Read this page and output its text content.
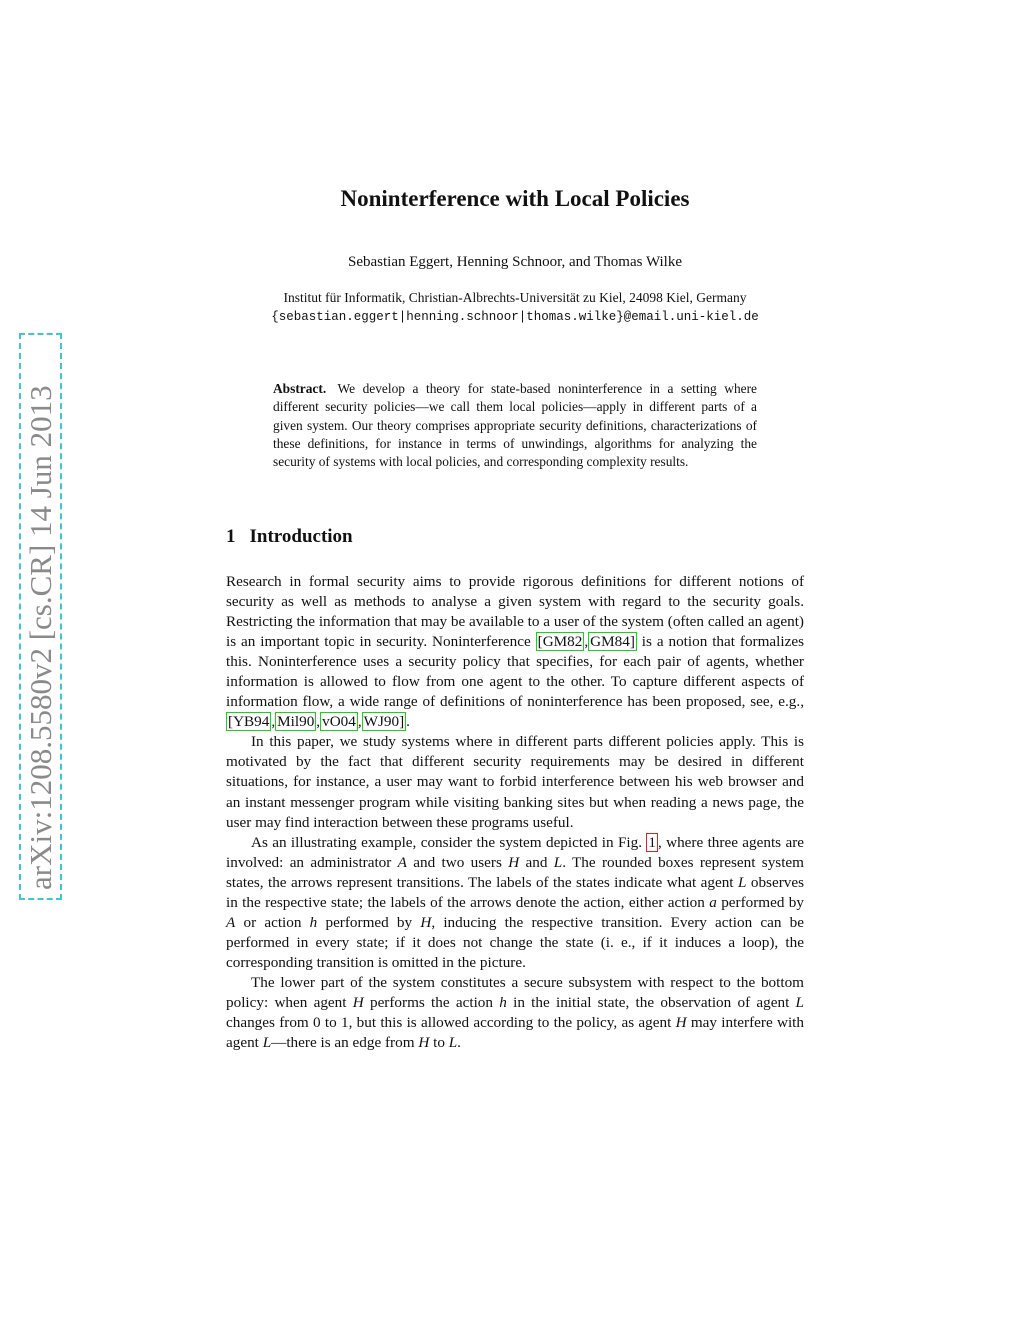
arXiv:1208.5580v2 [cs.CR] 14 Jun 2013
Noninterference with Local Policies
Sebastian Eggert, Henning Schnoor, and Thomas Wilke
Institut für Informatik, Christian-Albrechts-Universität zu Kiel, 24098 Kiel, Germany
{sebastian.eggert|henning.schnoor|thomas.wilke}@email.uni-kiel.de
Abstract. We develop a theory for state-based noninterference in a setting where different security policies—we call them local policies—apply in different parts of a given system. Our theory comprises appropriate security definitions, characterizations of these definitions, for instance in terms of unwindings, algorithms for analyzing the security of systems with local policies, and corresponding complexity results.
1 Introduction

Research in formal security aims to provide rigorous definitions for different notions of security as well as methods to analyse a given system with regard to the security goals. Restricting the information that may be available to a user of the system (often called an agent) is an important topic in security. Noninterference [GM82 , GM84] is a notion that formalizes this. Noninterference uses a security policy that specifies, for each pair of agents, whether information is allowed to flow from one agent to the other. To capture different aspects of information flow, a wide range of definitions of noninterference has been proposed, see, e.g., [YB94 , Mil90 , vO04 , WJ90] .

In this paper, we study systems where in different parts different policies apply. This is motivated by the fact that different security requirements may be desired in different situations, for instance, a user may want to forbid interference between his web browser and an instant messenger program while visiting banking sites but when reading a news page, the user may find interaction between these programs useful.

As an illustrating example, consider the system depicted in Fig. 1 , where three agents are involved: an administrator A and two users H and L. The rounded boxes represent system states, the arrows represent transitions. The labels of the states indicate what agent L observes in the respective state; the labels of the arrows denote the action, either action a performed by A or action h performed by H, inducing the respective transition. Every action can be performed in every state; if it does not change the state (i. e., if it induces a loop), the corresponding transition is omitted in the picture.

The lower part of the system constitutes a secure subsystem with respect to the bottom policy: when agent H performs the action h in the initial state, the observation of agent L changes from 0 to 1, but this is allowed according to the policy, as agent H may interfere with agent L—there is an edge from H to L.
